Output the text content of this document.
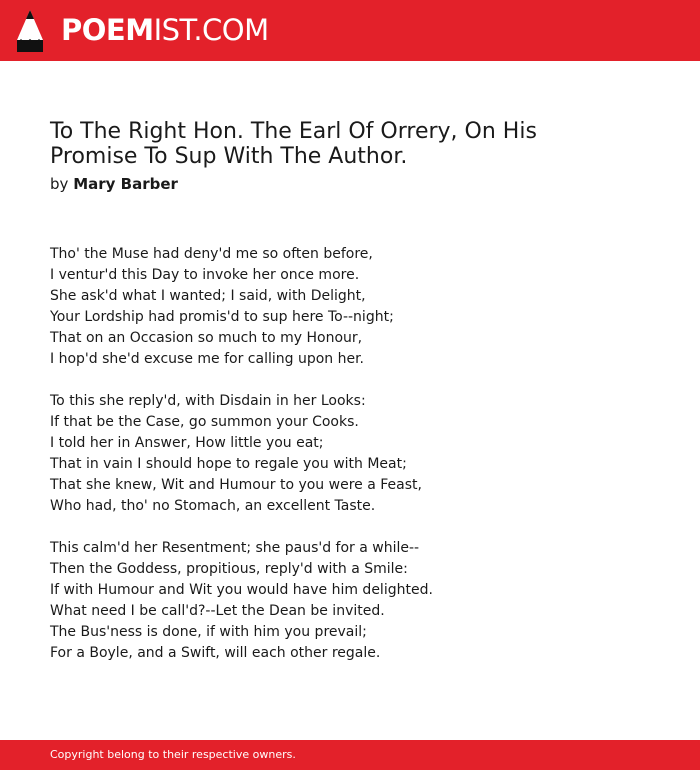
POEMIST.COM
To The Right Hon. The Earl Of Orrery, On His Promise To Sup With The Author.
by Mary Barber
Tho' the Muse had deny'd me so often before,
I ventur'd this Day to invoke her once more.
She ask'd what I wanted; I said, with Delight,
Your Lordship had promis'd to sup here To--night;
That on an Occasion so much to my Honour,
I hop'd she'd excuse me for calling upon her.
To this she reply'd, with Disdain in her Looks:
If that be the Case, go summon your Cooks.
I told her in Answer, How little you eat;
That in vain I should hope to regale you with Meat;
That she knew, Wit and Humour to you were a Feast,
Who had, tho' no Stomach, an excellent Taste.
This calm'd her Resentment; she paus'd for a while--
Then the Goddess, propitious, reply'd with a Smile:
If with Humour and Wit you would have him delighted.
What need I be call'd?--Let the Dean be invited.
The Bus'ness is done, if with him you prevail;
For a Boyle, and a Swift, will each other regale.
Copyright belong to their respective owners.
